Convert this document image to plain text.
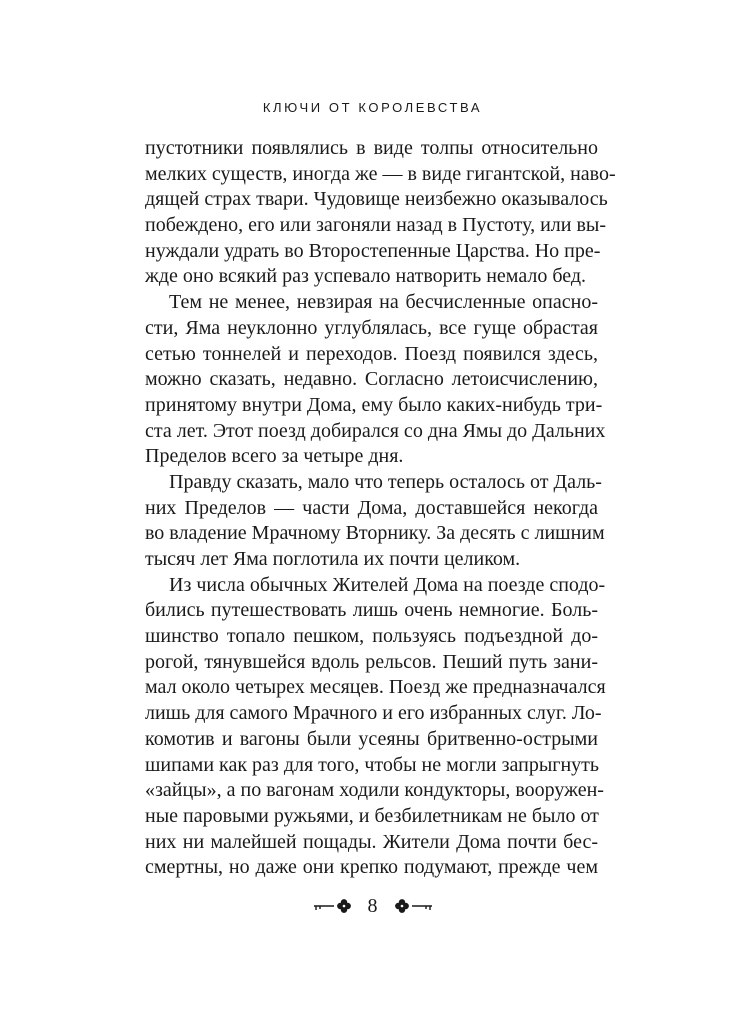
КЛЮЧИ ОТ КОРОЛЕВСТВА
пустотники появлялись в виде толпы относительно
мелких существ, иногда же — в виде гигантской, наво-
дящей страх твари. Чудовище неизбежно оказывалось
побеждено, его или загоняли назад в Пустоту, или вы-
нуждали удрать во Второстепенные Царства. Но пре-
жде оно всякий раз успевало натворить немало бед.
Тем не менее, невзирая на бесчисленные опасно-
сти, Яма неуклонно углублялась, все гуще обрастая
сетью тоннелей и переходов. Поезд появился здесь,
можно сказать, недавно. Согласно летоисчислению,
принятому внутри Дома, ему было каких-нибудь три-
ста лет. Этот поезд добирался со дна Ямы до Дальних
Пределов всего за четыре дня.
Правду сказать, мало что теперь осталось от Даль-
них Пределов — части Дома, доставшейся некогда
во владение Мрачному Вторнику. За десять с лишним
тысяч лет Яма поглотила их почти целиком.
Из числа обычных Жителей Дома на поезде сподо-
бились путешествовать лишь очень немногие. Боль-
шинство топало пешком, пользуясь подъездной до-
рогой, тянувшейся вдоль рельсов. Пеший путь зани-
мал около четырех месяцев. Поезд же предназначался
лишь для самого Мрачного и его избранных слуг. Ло-
комотив и вагоны были усеяны бритвенно-острыми
шипами как раз для того, чтобы не могли запрыгнуть
«зайцы», а по вагонам ходили кондукторы, вооружен-
ные паровыми ружьями, и безбилетникам не было от
них ни малейшей пощады. Жители Дома почти бес-
смертны, но даже они крепко подумают, прежде чем
8
